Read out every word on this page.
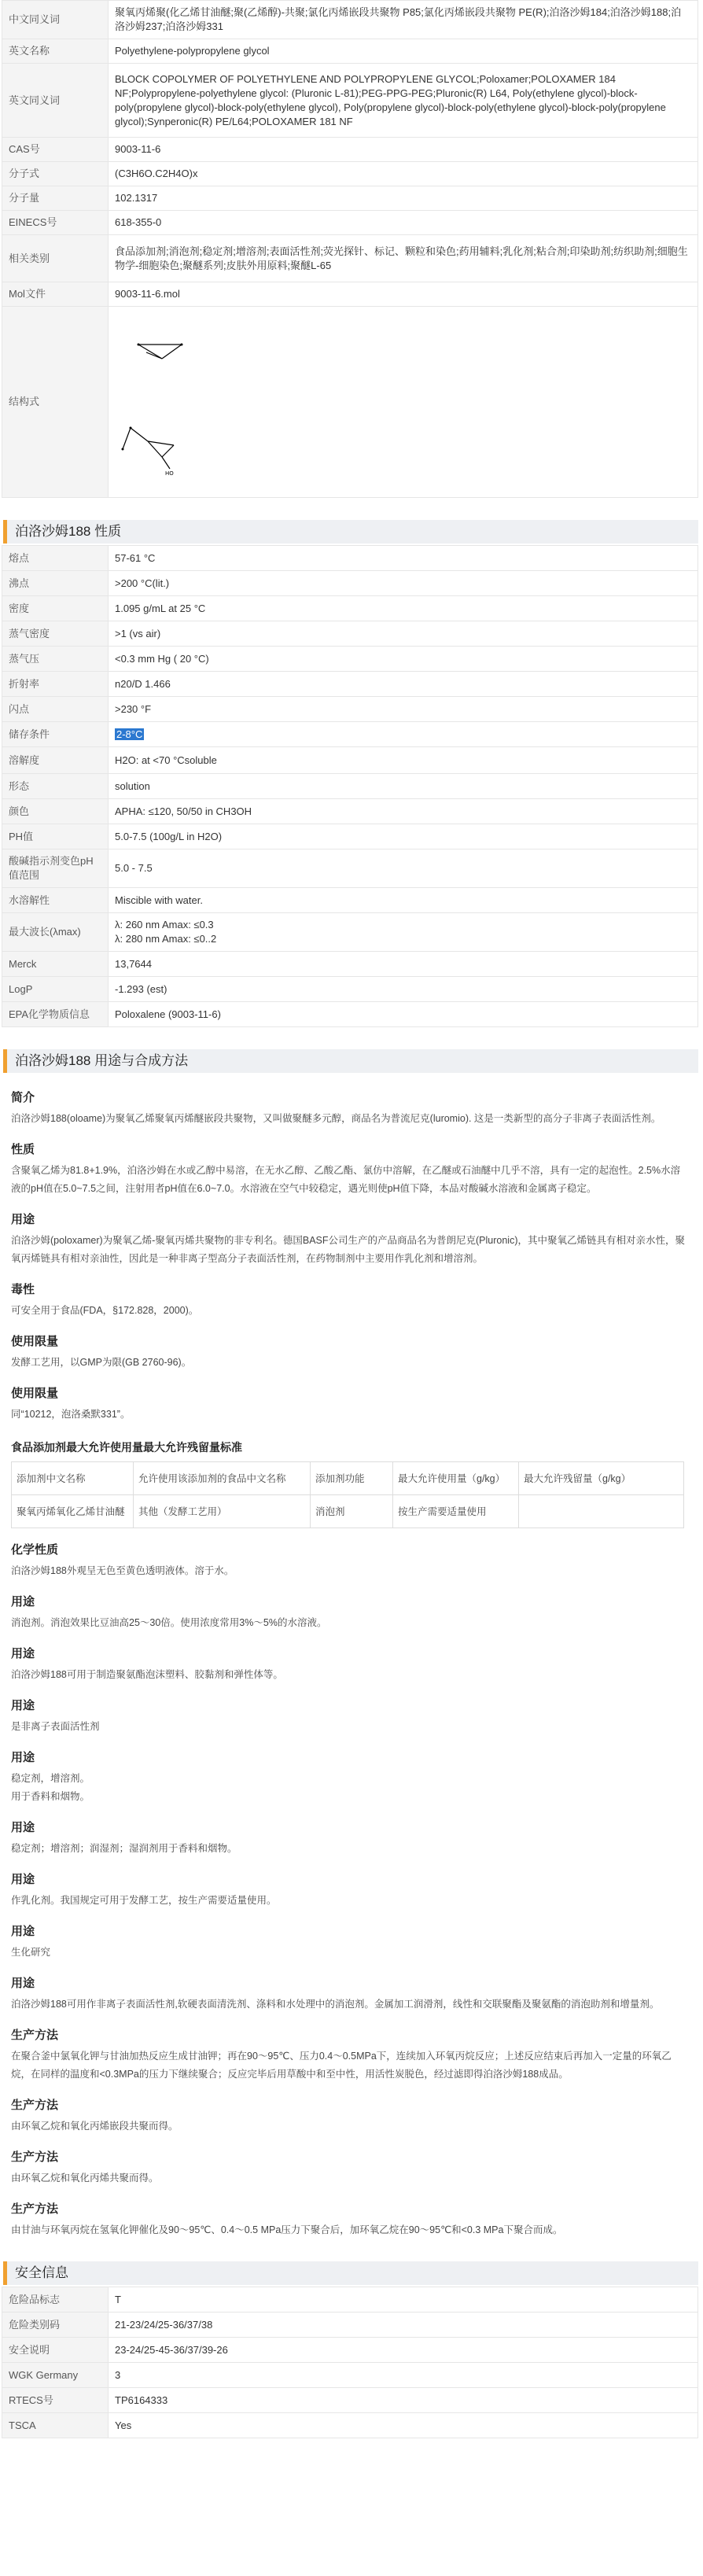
中文同义词	聚氧丙烯聚(化乙烯甘油醚;聚(乙烯醇)-共聚;氯化丙烯嵌段共聚物 P85;氯化丙烯嵌段共聚物 PE(R);泊洛沙姆184;泊洛沙姆188;泊洛沙姆237;泊洛沙姆331
英文名称	Polyethylene-polypropylene glycol
英文同义词	BLOCK COPOLYMER OF POLYETHYLENE AND POLYPROPYLENE GLYCOL;Poloxamer;POLOXAMER 184 NF;Polypropylene-polyethylene glycol: (Pluronic L-81);PEG-PPG-PEG;Pluronic(R) L64, Poly(ethylene glycol)-block-poly(propylene glycol)-block-poly(ethylene glycol), Poly(propylene glycol)-block-poly(ethylene glycol)-block-poly(propylene glycol);Synperonic(R) PE/L64;POLOXAMER 181 NF
CAS号	9003-11-6
分子式	(C3H6O.C2H4O)x
分子量	102.1317
EINECS号	618-355-0
相关类别	食品添加剂;消泡剂;稳定剂;增溶剂;表面活性剂;荧光探针、标记、颗粒和染色;药用辅料;乳化剂;粘合剂;印染助剂;纺织助剂;细胞生物学-细胞染色;聚醚系列;皮肤外用原料;聚醚L-65
Mol文件	9003-11-6.mol
结构式	HO
泊洛沙姆188 性质
熔点	57-61 °C
沸点	>200 °C(lit.)
密度	1.095 g/mL at 25 °C
蒸气密度	>1 (vs air)
蒸气压	<0.3 mm Hg ( 20 °C)
折射率	n20/D 1.466
闪点	>230 °F
储存条件	2-8°C
溶解度	H2O: at <70 °Csoluble
形态	solution
颜色	APHA: ≤120, 50/50 in CH3OH
PH值	5.0-7.5 (100g/L in H2O)
酸碱指示剂变色pH值范围	5.0 - 7.5
水溶解性	Miscible with water.
最大波长(λmax)	λ: 260 nm Amax: ≤0.3
λ: 280 nm Amax: ≤0..2
Merck	13,7644
LogP	-1.293 (est)
EPA化学物质信息	Poloxalene (9003-11-6)
泊洛沙姆188 用途与合成方法
简介

泊洛沙姆188(oloame)为聚氧乙烯聚氧丙烯醚嵌段共聚物，又叫做聚醚多元醇，商品名为普流尼克(luromio). 这是一类新型的高分子非离子表面活性剂。

性质

含聚氧乙烯为81.8+1.9%，泊洛沙姆在水或乙醇中易溶，在无水乙醇、乙酸乙酯、氯仿中溶解，在乙醚或石油醚中几乎不溶，具有一定的起泡性。2.5%水溶液的pH值在5.0~7.5之间，注射用者pH值在6.0~7.0。水溶液在空气中较稳定，遇光则使pH值下降，本品对酸碱水溶液和金属离子稳定。

用途

泊洛沙姆(poloxamer)为聚氧乙烯-聚氧丙烯共聚物的非专利名。德国BASF公司生产的产品商品名为普朗尼克(Pluronic)，其中聚氧乙烯链具有相对亲水性，聚氧丙烯链具有相对亲油性，因此是一种非离子型高分子表面活性剂，在药物制剂中主要用作乳化剂和增溶剂。

毒性

可安全用于食品(FDA，§172.828，2000)。

使用限量

发酵工艺用，以GMP为限(GB 2760-96)。

使用限量

同“10212，泡洛桑默331”。

食品添加剂最大允许使用量最大允许残留量标准
添加剂中文名称	允许使用该添加剂的食品中文名称	添加剂功能	最大允许使用量（g/kg）	最大允许残留量（g/kg）
聚氧丙烯氧化乙烯甘油醚	其他（发酵工艺用）	消泡剂	按生产需要适量使用	
化学性质

泊洛沙姆188外观呈无色至黄色透明液体。溶于水。

用途

消泡剂。消泡效果比豆油高25～30倍。使用浓度常用3%～5%的水溶液。

用途

泊洛沙姆188可用于制造聚氨酯泡沫塑料、胶黏剂和弹性体等。

用途

是非离子表面活性剂

用途

稳定剂，增溶剂。
用于香料和烟物。

用途

稳定剂；增溶剂；润湿剂；湿润剂用于香料和烟物。

用途

作乳化剂。我国规定可用于发酵工艺，按生产需要适量使用。

用途

生化研究

用途

泊洛沙姆188可用作非离子表面活性剂,软硬表面清洗剂、涤料和水处理中的消泡剂。金属加工润滑剂，线性和交联聚酯及聚氨酯的消泡助剂和增量剂。

生产方法

在聚合釜中氯氧化钾与甘油加热反应生成甘油钾；再在90～95℃、压力0.4～0.5MPa下，连续加入环氧丙烷反应；上述反应结束后再加入一定量的环氧乙烷，在同样的温度和<0.3MPa的压力下继续聚合；反应完毕后用草酸中和至中性，用活性炭脱色，经过滤即得泊洛沙姆188成品。

生产方法

由环氧乙烷和氧化丙烯嵌段共聚而得。

生产方法

由环氧乙烷和氧化丙烯共聚而得。

生产方法

由甘油与环氧丙烷在氢氧化钾催化及90～95℃、0.4～0.5 MPa压力下聚合后，加环氧乙烷在90～95℃和<0.3 MPa下聚合而成。

安全信息
危险品标志	T
危险类别码	21-23/24/25-36/37/38
安全说明	23-24/25-45-36/37/39-26
WGK Germany	3
RTECS号	TP6164333
TSCA	Yes
